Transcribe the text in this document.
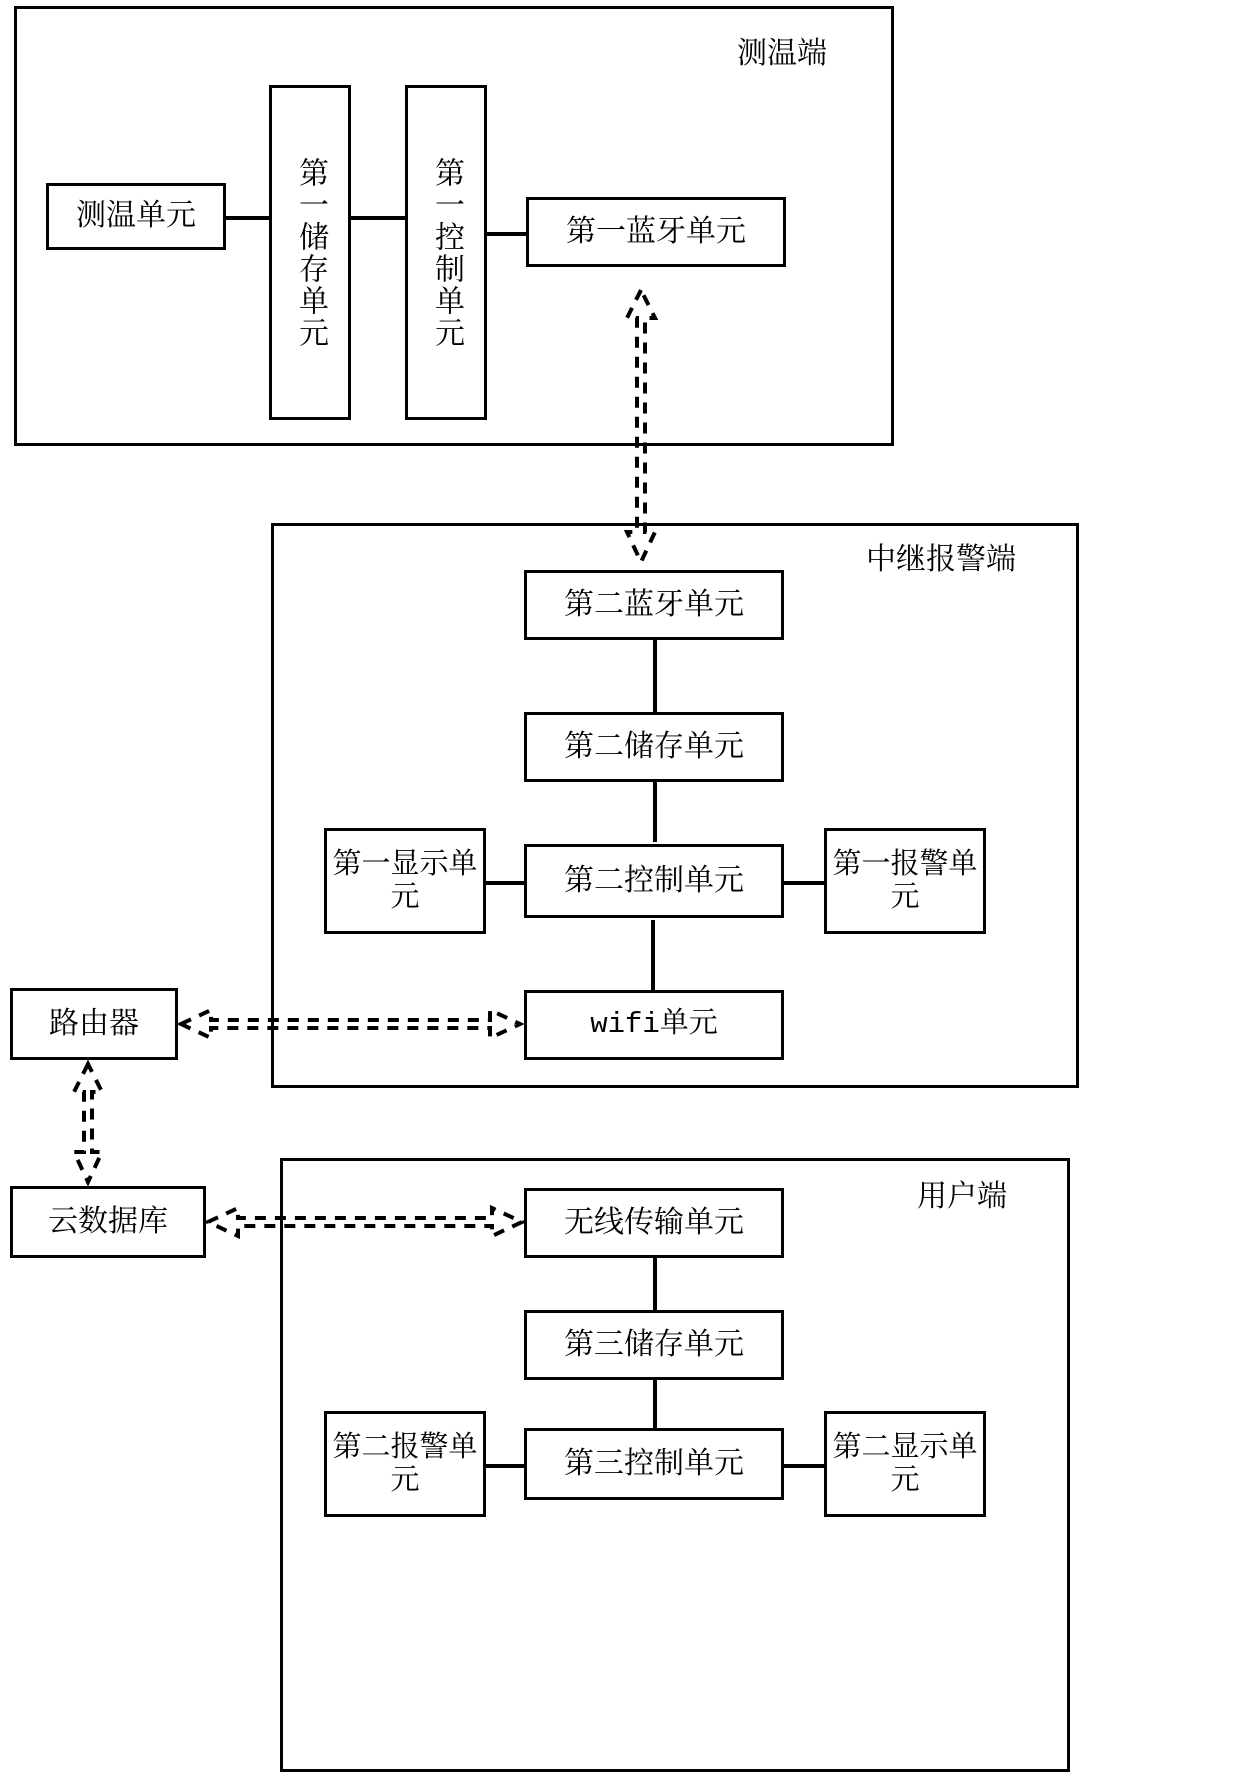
测温端
中继报警端
用户端
测温单元	第一储存单元	第一控制单元	第一蓝牙单元
第二蓝牙单元
第二储存单元
第一显示单元
第二控制单元
第一报警单元
wifi单元
路由器
云数据库	无线传输单元
第三储存单元
第二报警单元
第三控制单元
第二显示单元
